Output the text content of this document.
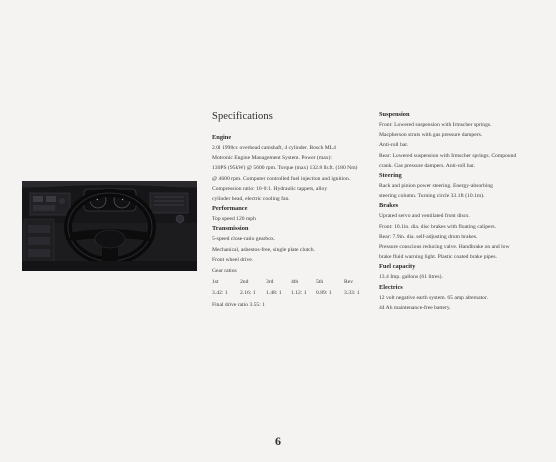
Specifications
Engine
2.0l 1998cc overhead camshaft, 4 cylinder. Bosch ML4
Motronic Engine Management System. Power (max):
130PS (95kW) @ 5600 rpm. Torque (max) 132.8 lb.ft. (180 Nm)
@ 4600 rpm. Computer controlled fuel injection and ignition.
Compression ratio: 10·0:1. Hydraulic tappets, alloy
cylinder head, electric cooling fan.
Performance
Top speed 120 mph
Transmission
5-speed close-ratio gearbox.
Mechanical, asbestos-free, single plate clutch.
Front wheel drive.
Gear ratios
1st	2nd	3rd	4th	5th	Rev
3.42: 1	2.16: 1	1.48: 1	1.12: 1	0.89: 1	3.33: 1
Final drive ratio 3.55: 1
Suspension
Front: Lowered suspension with Irmscher springs.
Macpherson struts with gas pressure dampers.
Anti-roll bar.
Rear: Lowered suspension with Irmscher springs. Compound
crank. Gas pressure dampers. Anti-roll bar.
Steering
Rack and pinion power steering. Energy-absorbing
steering column. Turning circle 33.1ft (10.1m).
Brakes
Uprated servo and ventilated front discs.
Front: 10.1in. dia. disc brakes with floating calipers.
Rear: 7.9in. dia. self-adjusting drum brakes.
Pressure conscious reducing valve. Handbrake on and low
brake fluid warning light. Plastic coated brake pipes.
Fuel capacity
13.4 Imp. gallons (61 litres).
Electrics
12 volt negative earth system. 65 amp alternator.
44 Ah maintenance-free battery.
6
